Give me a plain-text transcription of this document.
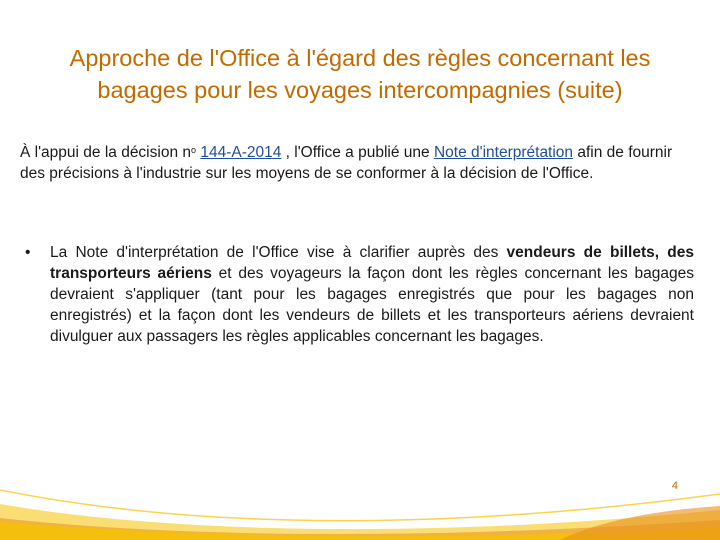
Approche de l'Office à l'égard des règles concernant les bagages pour les voyages intercompagnies (suite)
À l'appui de la décision $n^o$ 144-A-2014 , l'Office a publié une Note d'interprétation afin de fournir des précisions à l'industrie sur les moyens de se conformer à la décision de l'Office.
• La Note d'interprétation de l'Office vise à clarifier auprès des vendeurs de billets, des transporteurs aériens et des voyageurs la façon dont les règles concernant les bagages devraient s'appliquer (tant pour les bagages enregistrés que pour les bagages non enregistrés) et la façon dont les vendeurs de billets et les transporteurs aériens devraient divulguer aux passagers les règles applicables concernant les bagages.
4
